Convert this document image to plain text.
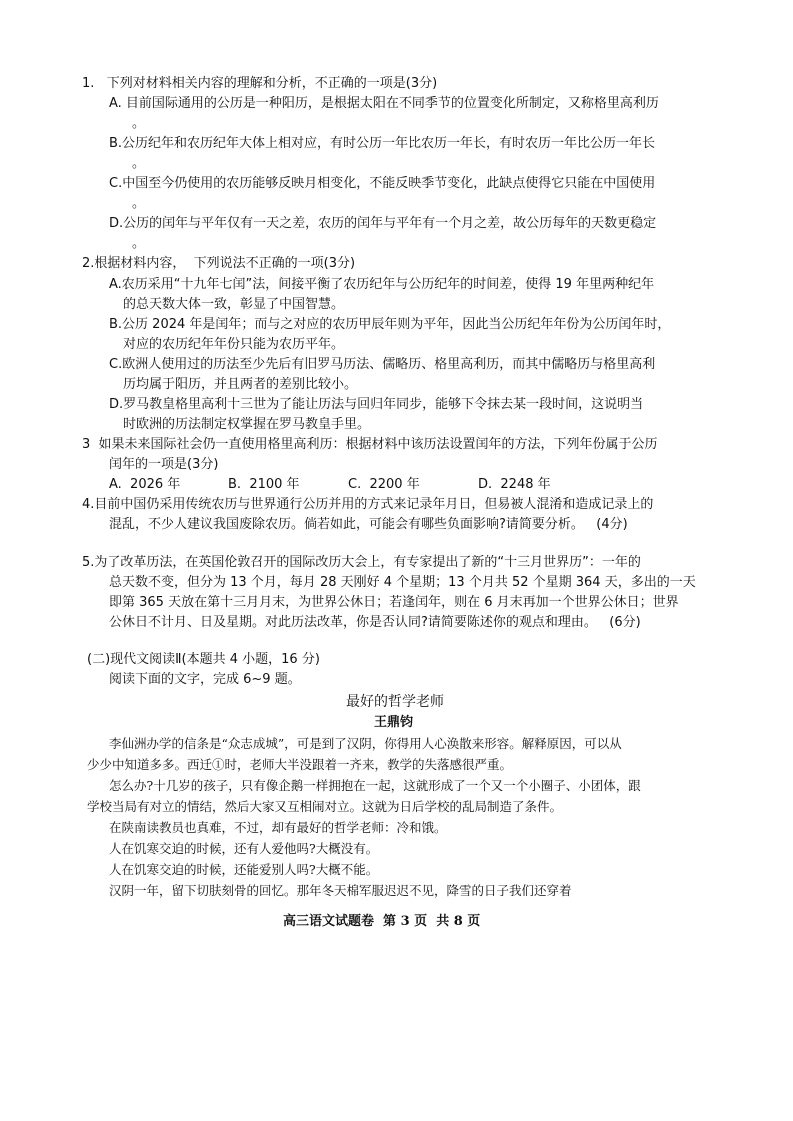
1.   下列对材料相关内容的理解和分析，不正确的一项是(3分)
A. 目前国际通用的公历是一种阳历，是根据太阳在不同季节的位置变化所制定，又称格里高利历
。
B.公历纪年和农历纪年大体上相对应，有时公历一年比农历一年长，有时农历一年比公历一年长
。
C.中国至今仍使用的农历能够反映月相变化，不能反映季节变化，此缺点使得它只能在中国使用
。
D.公历的闰年与平年仅有一天之差，农历的闰年与平年有一个月之差，故公历每年的天数更稳定
。
2.根据材料内容，  下列说法不正确的一项(3分)
A.农历采用“十九年七闰”法，间接平衡了农历纪年与公历纪年的时间差，使得 19 年里两种纪年
的总天数大体一致，彰显了中国智慧。
B.公历 2024 年是闰年；而与之对应的农历甲辰年则为平年，因此当公历纪年年份为公历闰年时，
对应的农历纪年年份只能为农历平年。
C.欧洲人使用过的历法至少先后有旧罗马历法、儒略历、格里高利历，而其中儒略历与格里高利
历均属于阳历，并且两者的差别比较小。
D.罗马教皇格里高利十三世为了能让历法与回归年同步，能够下令抹去某一段时间，这说明当
时欧洲的历法制定权掌握在罗马教皇手里。
3  如果未来国际社会仍一直使用格里高利历：根据材料中该历法设置闰年的方法，下列年份属于公历
闰年的一项是(3分)
A.  2026 年	B.  2100 年	C.  2200 年	D.  2248 年
4.目前中国仍采用传统农历与世界通行公历并用的方式来记录年月日，但易被人混淆和造成记录上的
混乱，不少人建议我国废除农历。倘若如此，可能会有哪些负面影响?请简要分析。   (4分)
5.为了改革历法，在英国伦敦召开的国际改历大会上，有专家提出了新的“十三月世界历”：一年的
总天数不变，但分为 13 个月，每月 28 天刚好 4 个星期；13 个月共 52 个星期 364 天，多出的一天
即第 365 天放在第十三月月末，为世界公休日；若逢闰年，则在 6 月末再加一个世界公休日；世界
公休日不计月、日及星期。对此历法改革，你是否认同?请简要陈述你的观点和理由。   (6分)
(二)现代文阅读Ⅱ(本题共 4 小题，16 分)
阅读下面的文字，完成 6~9 题。
最好的哲学老师
王鼎钧
李仙洲办学的信条是“众志成城”，可是到了汉阴，你得用人心涣散来形容。解释原因，可以从
少少中知道多多。西迁①时，老师大半没跟着一齐来，教学的失落感很严重。
怎么办?十几岁的孩子，只有像企鹅一样拥抱在一起，这就形成了一个又一个小圈子、小团体，跟
学校当局有对立的情结，然后大家又互相闹对立。这就为日后学校的乱局制造了条件。
在陕南读教员也真难，不过，却有最好的哲学老师：冷和饿。
人在饥寒交迫的时候，还有人爱他吗?大概没有。
人在饥寒交迫的时候，还能爱别人吗?大概不能。
汉阴一年，留下切肤刻骨的回忆。那年冬天棉军服迟迟不见，降雪的日子我们还穿着
高三语文试题卷  第 3 页  共 8 页
